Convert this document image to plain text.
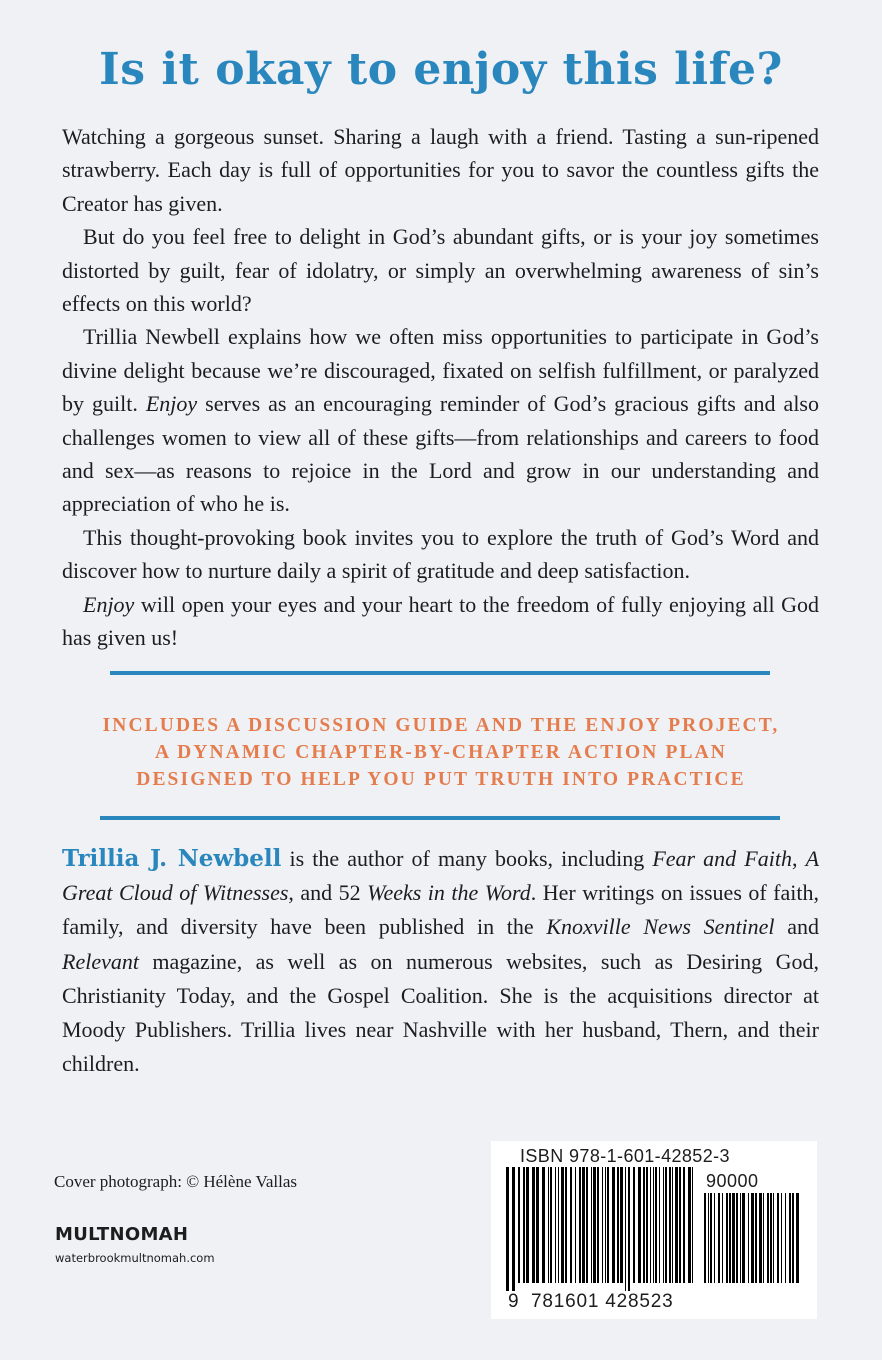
Is it okay to enjoy this life?

Watching a gorgeous sunset. Sharing a laugh with a friend. Tasting a sun-ripened strawberry. Each day is full of opportunities for you to savor the countless gifts the Creator has given.

But do you feel free to delight in God’s abundant gifts, or is your joy sometimes distorted by guilt, fear of idolatry, or simply an overwhelming awareness of sin’s effects on this world?

Trillia Newbell explains how we often miss opportunities to participate in God’s divine delight because we’re discouraged, fixated on selfish fulfillment, or paralyzed by guilt. Enjoy serves as an encouraging reminder of God’s gracious gifts and also challenges women to view all of these gifts—from relationships and careers to food and sex—as reasons to rejoice in the Lord and grow in our understanding and appreciation of who he is.

This thought-provoking book invites you to explore the truth of God’s Word and discover how to nurture daily a spirit of gratitude and deep satisfaction.

Enjoy will open your eyes and your heart to the freedom of fully enjoying all God has given us!

INCLUDES A DISCUSSION GUIDE AND THE ENJOY PROJECT,
A DYNAMIC CHAPTER-BY-CHAPTER ACTION PLAN
DESIGNED TO HELP YOU PUT TRUTH INTO PRACTICE
Trillia J. Newbell is the author of many books, including Fear and Faith, A Great Cloud of Witnesses, and 52 Weeks in the Word. Her writings on issues of faith, family, and diversity have been published in the Knoxville News Sentinel and Relevant magazine, as well as on numerous websites, such as Desiring God, Christianity Today, and the Gospel Coalition. She is the acquisitions director at Moody Publishers. Trillia lives near Nashville with her husband, Thern, and their children.
Cover photograph: © Hélène Vallas
MULTNOMAH
waterbrookmultnomah.com
ISBN 978-1-601-42852-3
90000
9 781601 428523
